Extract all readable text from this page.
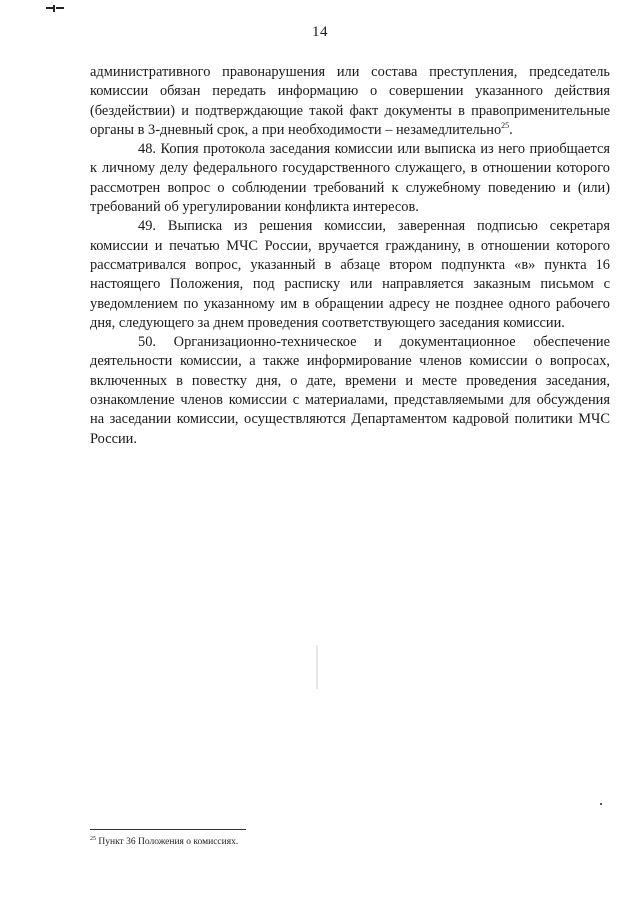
14

административного правонарушения или состава преступления, председатель комиссии обязан передать информацию о совершении указанного действия (бездействии) и подтверждающие такой факт документы в правоприменительные органы в 3-дневный срок, а при необходимости – незамедлительно$^{25}$.

48. Копия протокола заседания комиссии или выписка из него приобщается к личному делу федерального государственного служащего, в отношении которого рассмотрен вопрос о соблюдении требований к служебному поведению и (или) требований об урегулировании конфликта интересов.

49. Выписка из решения комиссии, заверенная подписью секретаря комиссии и печатью МЧС России, вручается гражданину, в отношении которого рассматривался вопрос, указанный в абзаце втором подпункта «в» пункта 16 настоящего Положения, под расписку или направляется заказным письмом с уведомлением по указанному им в обращении адресу не позднее одного рабочего дня, следующего за днем проведения соответствующего заседания комиссии.

50. Организационно-техническое и документационное обеспечение деятельности комиссии, а также информирование членов комиссии о вопросах, включенных в повестку дня, о дате, времени и месте проведения заседания, ознакомление членов комиссии с материалами, представляемыми для обсуждения на заседании комиссии, осуществляются Департаментом кадровой политики МЧС России.

$^{25}$ Пункт 36 Положения о комиссиях.
